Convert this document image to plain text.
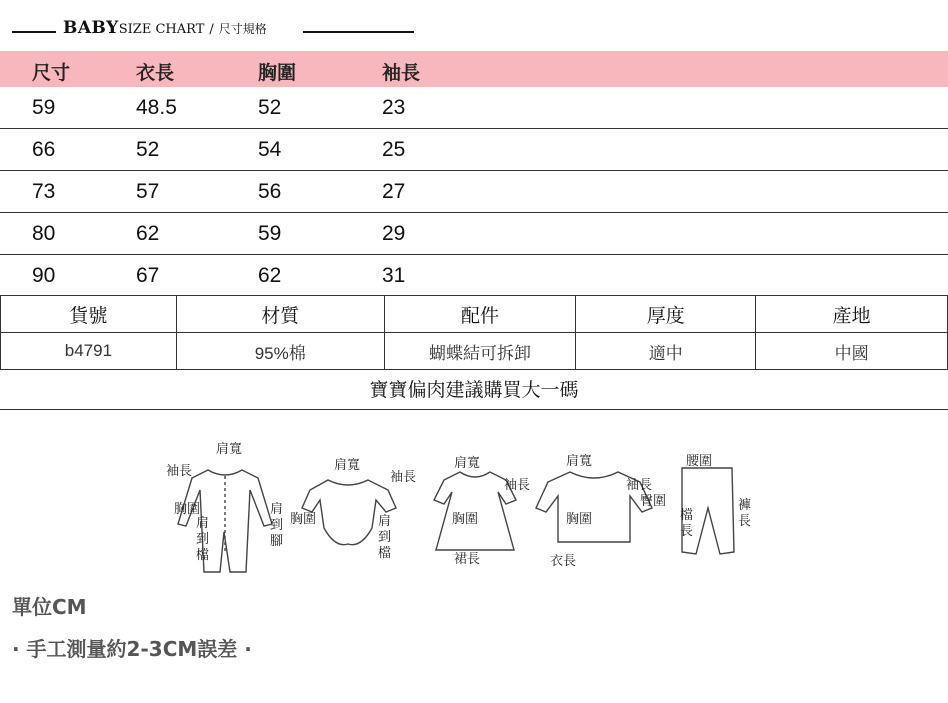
BABYSIZE CHART / 尺寸規格
尺寸	衣長	胸圍	袖長
59	48.5	52	23
66	52	54	25
73	57	56	27
80	62	59	29
90	67	62	31
貨號	材質	配件	厚度	產地
b4791	95%棉	蝴蝶結可拆卸	適中	中國
寶寶偏肉建議購買大一碼
肩寬
袖長
胸圍
肩到檔
肩到腳
肩寬
袖長
胸圍	肩到檔
肩寬
袖長
胸圍
裙長
肩寬
袖長
胸圍
衣長
腰圍
臀圍
檔長
褲長
單位CM
· 手工測量約2-3CM誤差 ·
